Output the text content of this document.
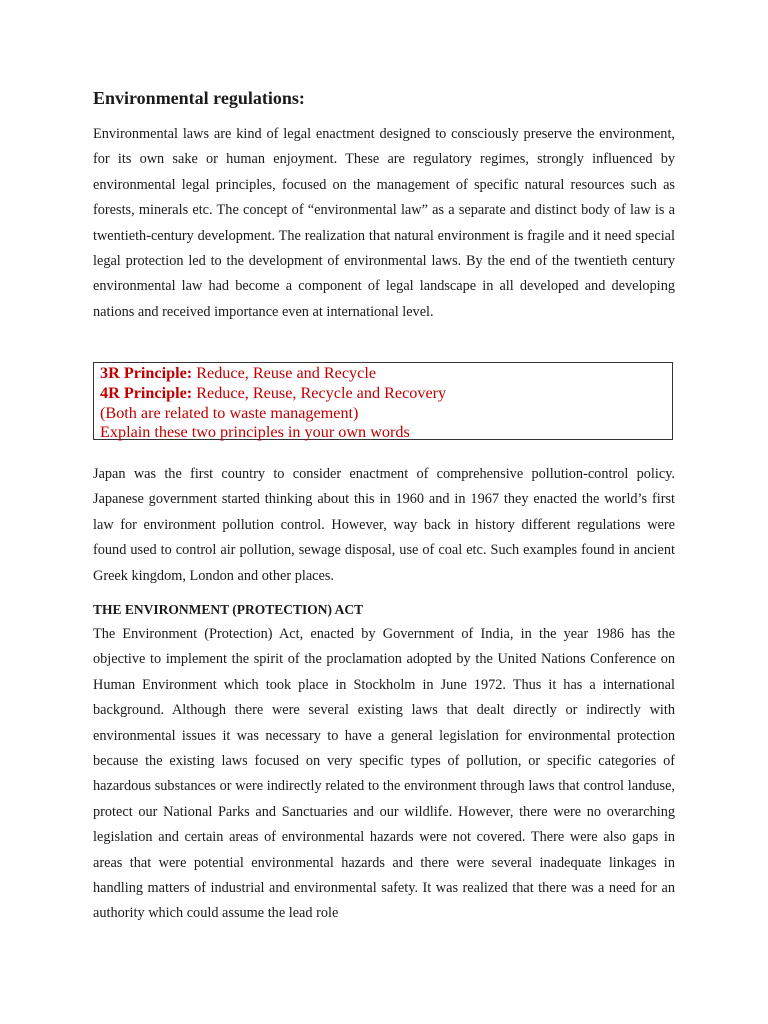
Environmental regulations:

Environmental laws are kind of legal enactment designed to consciously preserve the environment, for its own sake or human enjoyment. These are regulatory regimes, strongly influenced by environmental legal principles, focused on the management of specific natural resources such as forests, minerals etc. The concept of “environmental law” as a separate and distinct body of law is a twentieth-century development. The realization that natural environment is fragile and it need special legal protection led to the development of environmental laws. By the end of the twentieth century environmental law had become a component of legal landscape in all developed and developing nations and received importance even at international level.

3R Principle: Reduce, Reuse and Recycle

4R Principle: Reduce, Reuse, Recycle and Recovery

(Both are related to waste management)

Explain these two principles in your own words

Japan was the first country to consider enactment of comprehensive pollution-control policy. Japanese government started thinking about this in 1960 and in 1967 they enacted the world’s first law for environment pollution control. However, way back in history different regulations were found used to control air pollution, sewage disposal, use of coal etc. Such examples found in ancient Greek kingdom, London and other places.

THE ENVIRONMENT (PROTECTION) ACT

The Environment (Protection) Act, enacted by Government of India, in the year 1986 has the objective to implement the spirit of the proclamation adopted by the United Nations Conference on Human Environment which took place in Stockholm in June 1972. Thus it has a international background. Although there were several existing laws that dealt directly or indirectly with environmental issues it was necessary to have a general legislation for environmental protection because the existing laws focused on very specific types of pollution, or specific categories of hazardous substances or were indirectly related to the environment through laws that control landuse, protect our National Parks and Sanctuaries and our wildlife. However, there were no overarching legislation and certain areas of environmental hazards were not covered. There were also gaps in areas that were potential environmental hazards and there were several inadequate linkages in handling matters of industrial and environmental safety. It was realized that there was a need for an authority which could assume the lead role
